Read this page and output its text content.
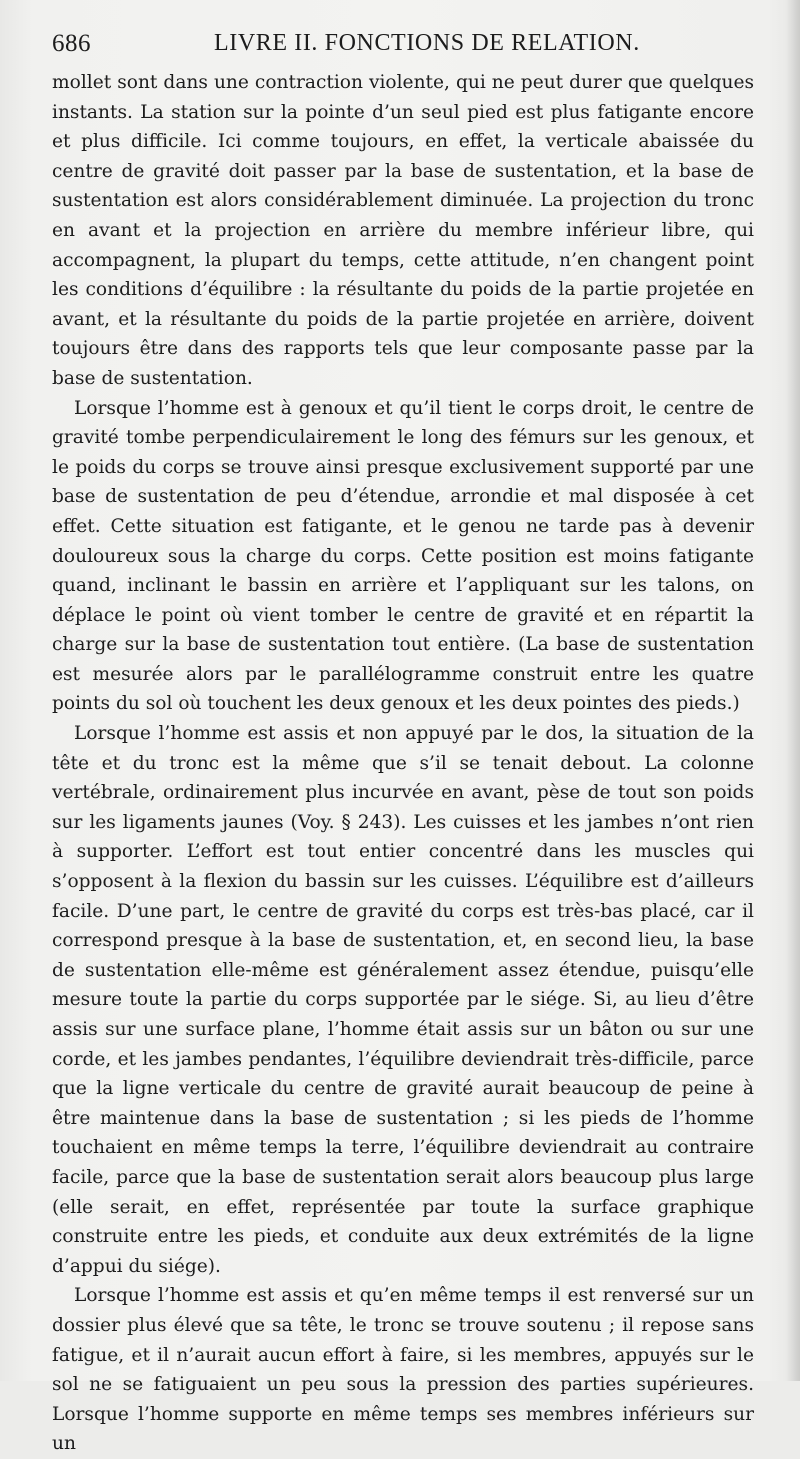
686	LIVRE II. FONCTIONS DE RELATION.

mollet sont dans une contraction violente, qui ne peut durer que quelques instants. La station sur la pointe d’un seul pied est plus fatigante encore et plus difficile. Ici comme toujours, en effet, la verticale abaissée du centre de gravité doit passer par la base de sustentation, et la base de sustentation est alors considérablement diminuée. La projection du tronc en avant et la projection en arrière du membre inférieur libre, qui accompagnent, la plupart du temps, cette attitude, n’en changent point les conditions d’équilibre : la résultante du poids de la partie projetée en avant, et la résultante du poids de la partie projetée en arrière, doivent toujours être dans des rapports tels que leur composante passe par la base de sustentation.

Lorsque l’homme est à genoux et qu’il tient le corps droit, le centre de gravité tombe perpendiculairement le long des fémurs sur les genoux, et le poids du corps se trouve ainsi presque exclusivement supporté par une base de sustentation de peu d’étendue, arrondie et mal disposée à cet effet. Cette situation est fatigante, et le genou ne tarde pas à devenir douloureux sous la charge du corps. Cette position est moins fatigante quand, inclinant le bassin en arrière et l’appliquant sur les talons, on déplace le point où vient tomber le centre de gravité et en répartit la charge sur la base de sustentation tout entière. (La base de sustentation est mesurée alors par le parallélogramme construit entre les quatre points du sol où touchent les deux genoux et les deux pointes des pieds.)

Lorsque l’homme est assis et non appuyé par le dos, la situation de la tête et du tronc est la même que s’il se tenait debout. La colonne vertébrale, ordinairement plus incurvée en avant, pèse de tout son poids sur les ligaments jaunes (Voy. § 243). Les cuisses et les jambes n’ont rien à supporter. L’effort est tout entier concentré dans les muscles qui s’opposent à la flexion du bassin sur les cuisses. L’équilibre est d’ailleurs facile. D’une part, le centre de gravité du corps est très-bas placé, car il correspond presque à la base de sustentation, et, en second lieu, la base de sustentation elle-même est généralement assez étendue, puisqu’elle mesure toute la partie du corps supportée par le siége. Si, au lieu d’être assis sur une surface plane, l’homme était assis sur un bâton ou sur une corde, et les jambes pendantes, l’équilibre deviendrait très-difficile, parce que la ligne verticale du centre de gravité aurait beaucoup de peine à être maintenue dans la base de sustentation ; si les pieds de l’homme touchaient en même temps la terre, l’équilibre deviendrait au contraire facile, parce que la base de sustentation serait alors beaucoup plus large (elle serait, en effet, représentée par toute la surface graphique construite entre les pieds, et conduite aux deux extrémités de la ligne d’appui du siége).

Lorsque l’homme est assis et qu’en même temps il est renversé sur un dossier plus élevé que sa tête, le tronc se trouve soutenu ; il repose sans fatigue, et il n’aurait aucun effort à faire, si les membres, appuyés sur le sol ne se fatiguaient un peu sous la pression des parties supérieures. Lorsque l’homme supporte en même temps ses membres inférieurs sur un
